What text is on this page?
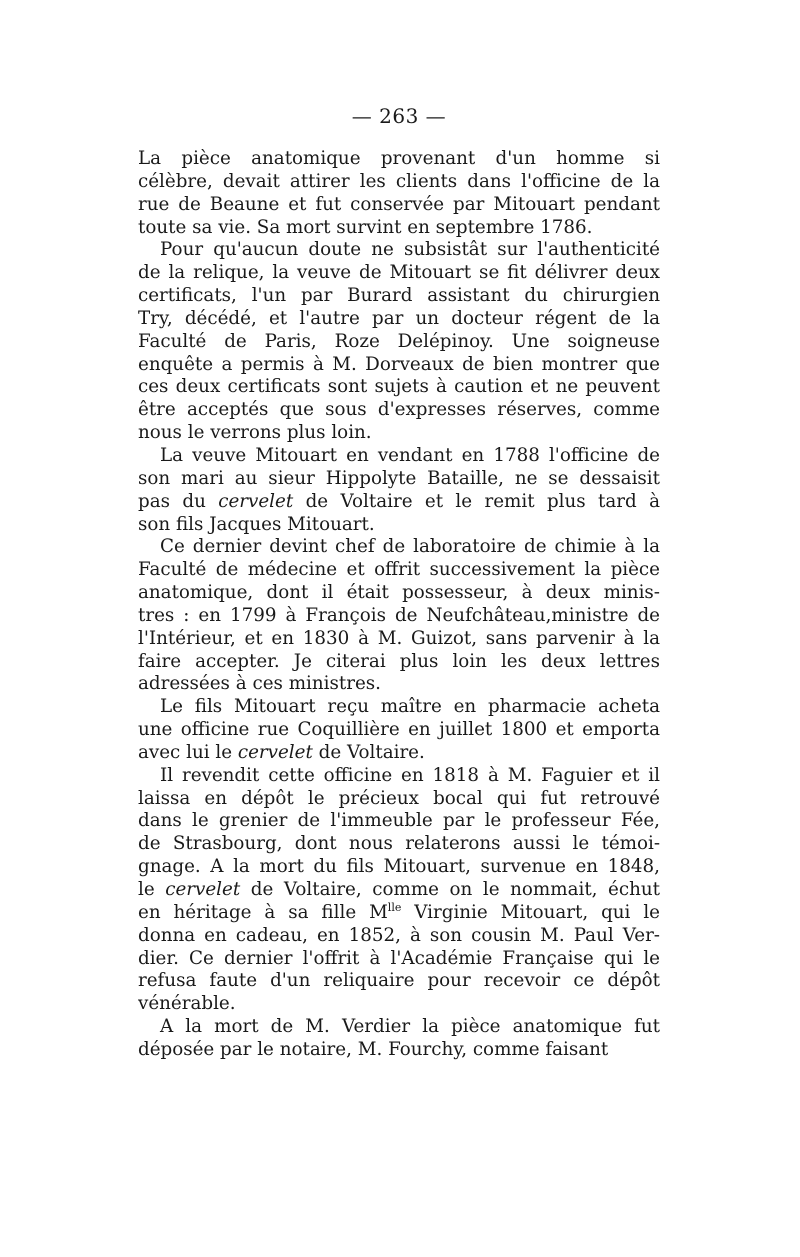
— 263 —
La pièce anatomique provenant d'un homme si
célèbre, devait attirer les clients dans l'officine de la
rue de Beaune et fut conservée par Mitouart pendant
toute sa vie. Sa mort survint en septembre 1786.
Pour qu'aucun doute ne subsistât sur l'authenticité
de la relique, la veuve de Mitouart se fit délivrer deux
certificats, l'un par Burard assistant du chirurgien
Try, décédé, et l'autre par un docteur régent de la
Faculté de Paris, Roze Delépinoy. Une soigneuse
enquête a permis à M. Dorveaux de bien montrer que
ces deux certificats sont sujets à caution et ne peuvent
être acceptés que sous d'expresses réserves, comme
nous le verrons plus loin.
La veuve Mitouart en vendant en 1788 l'officine de
son mari au sieur Hippolyte Bataille, ne se dessaisit
pas du cervelet de Voltaire et le remit plus tard à
son fils Jacques Mitouart.
Ce dernier devint chef de laboratoire de chimie à la
Faculté de médecine et offrit successivement la pièce
anatomique, dont il était possesseur, à deux minis-
tres : en 1799 à François de Neufchâteau,ministre de
l'Intérieur, et en 1830 à M. Guizot, sans parvenir à la
faire accepter. Je citerai plus loin les deux lettres
adressées à ces ministres.
Le fils Mitouart reçu maître en pharmacie acheta
une officine rue Coquillière en juillet 1800 et emporta
avec lui le cervelet de Voltaire.
Il revendit cette officine en 1818 à M. Faguier et il
laissa en dépôt le précieux bocal qui fut retrouvé
dans le grenier de l'immeuble par le professeur Fée,
de Strasbourg, dont nous relaterons aussi le témoi-
gnage. A la mort du fils Mitouart, survenue en 1848,
le cervelet de Voltaire, comme on le nommait, échut
en héritage à sa fille $M^{lle}$ Virginie Mitouart, qui le
donna en cadeau, en 1852, à son cousin M. Paul Ver-
dier. Ce dernier l'offrit à l'Académie Française qui le
refusa faute d'un reliquaire pour recevoir ce dépôt
vénérable.
A la mort de M. Verdier la pièce anatomique fut
déposée par le notaire, M. Fourchy, comme faisant
